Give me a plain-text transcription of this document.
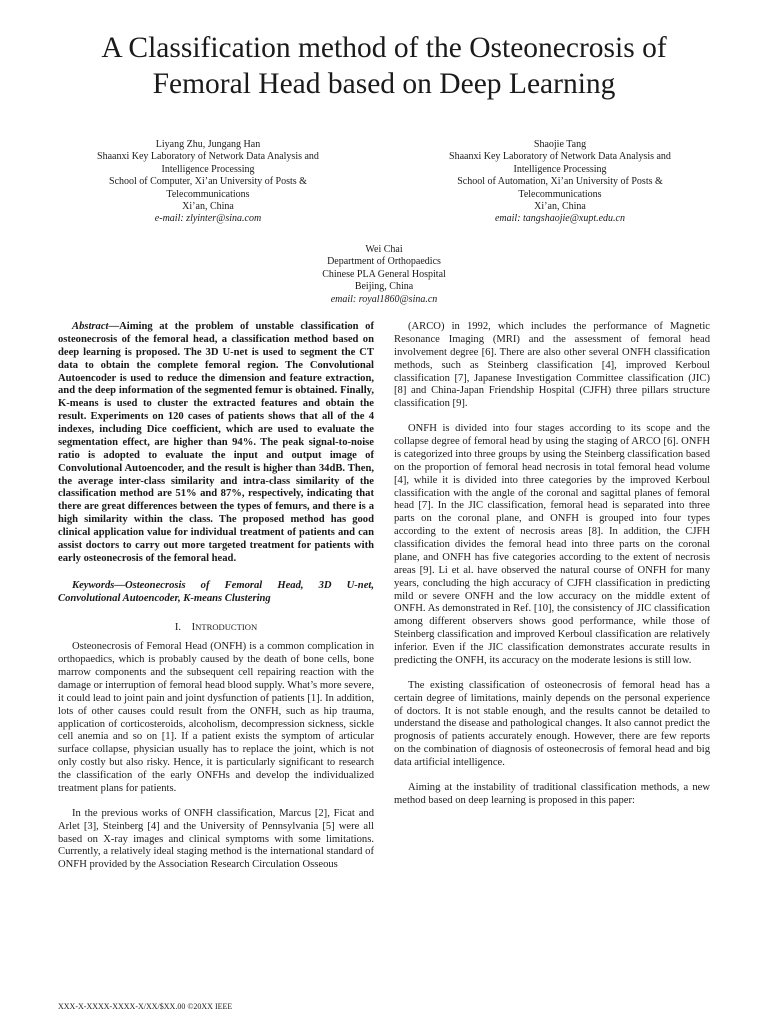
A Classification method of the Osteonecrosis of
Femoral Head based on Deep Learning
Liyang Zhu, Jungang Han
Shaanxi Key Laboratory of Network Data Analysis and
Intelligence Processing
School of Computer, Xi’an University of Posts &
Telecommunications
Xi’an, China
e-mail: zlyinter@sina.com
Shaojie Tang
Shaanxi Key Laboratory of Network Data Analysis and
Intelligence Processing
School of Automation, Xi’an University of Posts &
Telecommunications
Xi’an, China
email: tangshaojie@xupt.edu.cn
Wei Chai
Department of Orthopaedics
Chinese PLA General Hospital
Beijing, China
email: royal1860@sina.cn

Abstract—Aiming at the problem of unstable classification of osteonecrosis of the femoral head, a classification method based on deep learning is proposed. The 3D U-net is used to segment the CT data to obtain the complete femoral region. The Convolutional Autoencoder is used to reduce the dimension and feature extraction, and the deep information of the segmented femur is obtained. Finally, K-means is used to cluster the extracted features and obtain the result. Experiments on 120 cases of patients shows that all of the 4 indexes, including Dice coefficient, which are used to evaluate the segmentation effect, are higher than 94%. The peak signal-to-noise ratio is adopted to evaluate the input and output image of Convolutional Autoencoder, and the result is higher than 34dB. Then, the average inter-class similarity and intra-class similarity of the classification method are 51% and 87%, respectively, indicating that there are great differences between the types of femurs, and there is a high similarity within the class. The proposed method has good clinical application value for individual treatment of patients and can assist doctors to carry out more targeted treatment for patients with early osteonecrosis of the femoral head.

Keywords—Osteonecrosis of Femoral Head, 3D U-net, Convolutional Autoencoder, K-means Clustering

I. INTRODUCTION

Osteonecrosis of Femoral Head (ONFH) is a common complication in orthopaedics, which is probably caused by the death of bone cells, bone marrow components and the subsequent cell repairing reaction with the damage or interruption of femoral head blood supply. What’s more severe, it could lead to joint pain and joint dysfunction of patients [1]. In addition, lots of other causes could result from the ONFH, such as hip trauma, application of corticosteroids, alcoholism, decompression sickness, sickle cell anemia and so on [1]. If a patient exists the symptom of articular surface collapse, physician usually has to replace the joint, which is not only costly but also risky. Hence, it is particularly significant to research the classification of the early ONFHs and develop the individualized treatment plans for patients.

In the previous works of ONFH classification, Marcus [2], Ficat and Arlet [3], Steinberg [4] and the University of Pennsylvania [5] were all based on X-ray images and clinical symptoms with some limitations. Currently, a relatively ideal staging method is the international standard of ONFH provided by the Association Research Circulation Osseous

(ARCO) in 1992, which includes the performance of Magnetic Resonance Imaging (MRI) and the assessment of femoral head involvement degree [6]. There are also other several ONFH classification methods, such as Steinberg classification [4], improved Kerboul classification [7], Japanese Investigation Committee classification (JIC) [8] and China-Japan Friendship Hospital (CJFH) three pillars structure classification [9].

ONFH is divided into four stages according to its scope and the collapse degree of femoral head by using the staging of ARCO [6]. ONFH is categorized into three groups by using the Steinberg classification based on the proportion of femoral head necrosis in total femoral head volume [4], while it is divided into three categories by the improved Kerboul classification with the angle of the coronal and sagittal planes of femoral head [7]. In the JIC classification, femoral head is separated into three parts on the coronal plane, and ONFH is grouped into four types according to the extent of necrosis areas [8]. In addition, the CJFH classification divides the femoral head into three parts on the coronal plane, and ONFH has five categories according to the extent of necrosis areas [9]. Li et al. have observed the natural course of ONFH for many years, concluding the high accuracy of CJFH classification in predicting mild or severe ONFH and the low accuracy on the middle extent of ONFH. As demonstrated in Ref. [10], the consistency of JIC classification among different observers shows good performance, while those of Steinberg classification and improved Kerboul classification are relatively inferior. Even if the JIC classification demonstrates accurate results in predicting the ONFH, its accuracy on the moderate lesions is still low.

The existing classification of osteonecrosis of femoral head has a certain degree of limitations, mainly depends on the personal experience of doctors. It is not stable enough, and the results cannot be detailed to understand the disease and pathological changes. It also cannot predict the prognosis of patients accurately enough. However, there are few reports on the combination of diagnosis of osteonecrosis of femoral head and big data artificial intelligence.

Aiming at the instability of traditional classification methods, a new method based on deep learning is proposed in this paper:

XXX-X-XXXX-XXXX-X/XX/$XX.00 ©20XX IEEE
